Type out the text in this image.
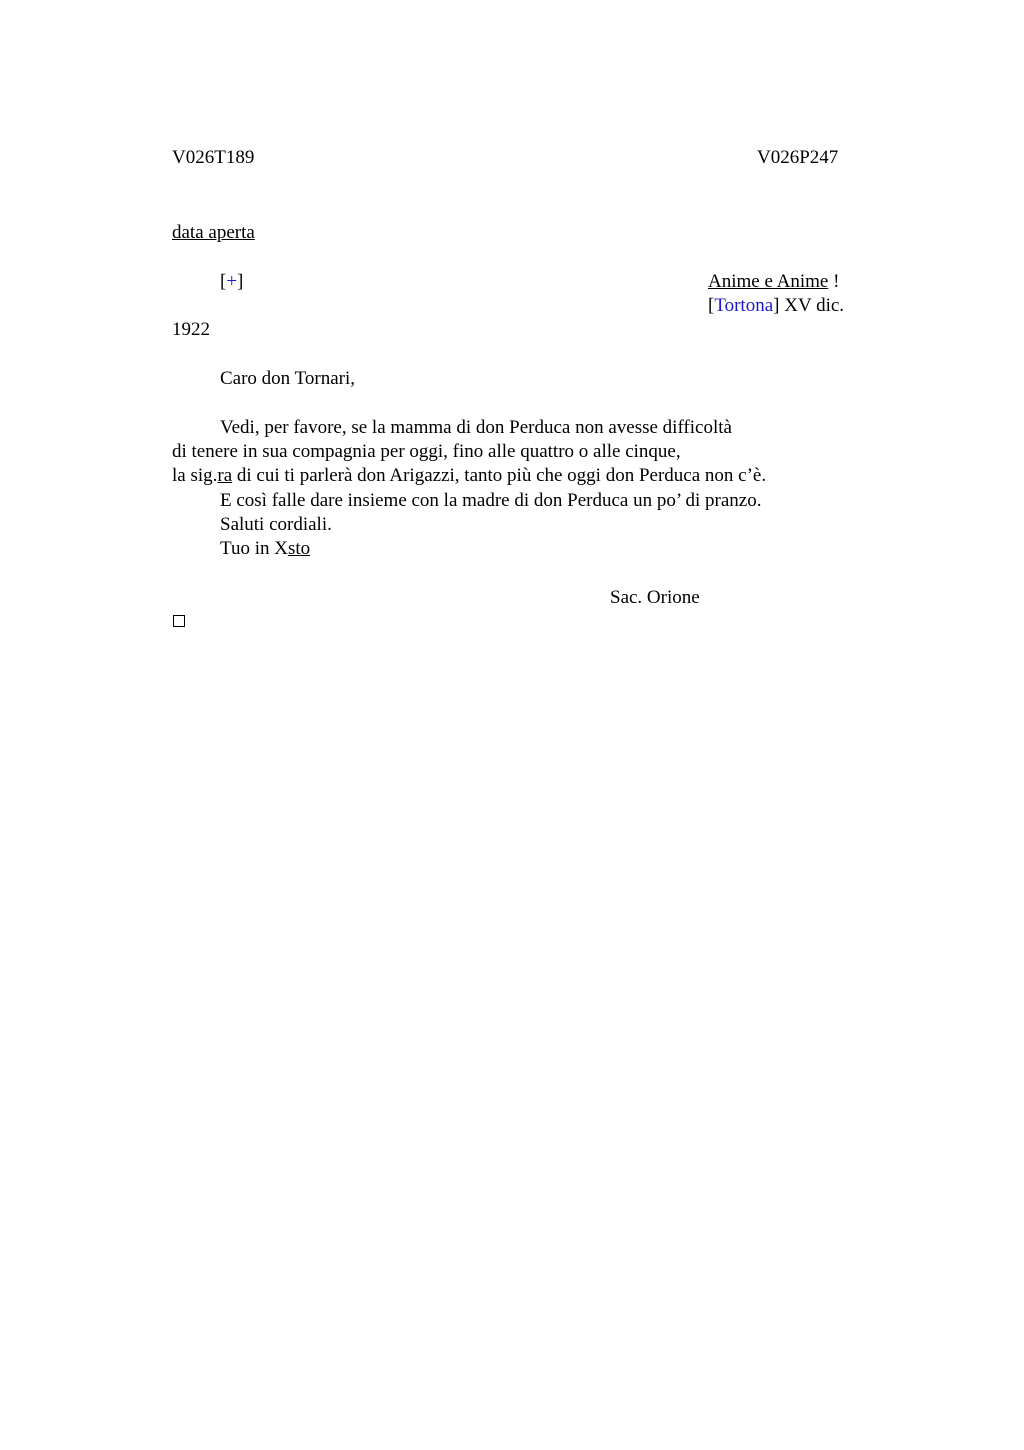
V026T189	V026P247
data aperta
[+]	Anime e Anime !
[Tortona] XV dic.
1922
Caro don Tornari,
Vedi, per favore, se la mamma di don Perduca non avesse difficoltà
di tenere in sua compagnia per oggi, fino alle quattro o alle cinque,
la sig.ra di cui ti parlerà don Arigazzi, tanto più che oggi don Perduca non c’è.
E così falle dare insieme con la madre di don Perduca un po’ di pranzo.
Saluti cordiali.
Tuo in Xsto
Sac. Orione
